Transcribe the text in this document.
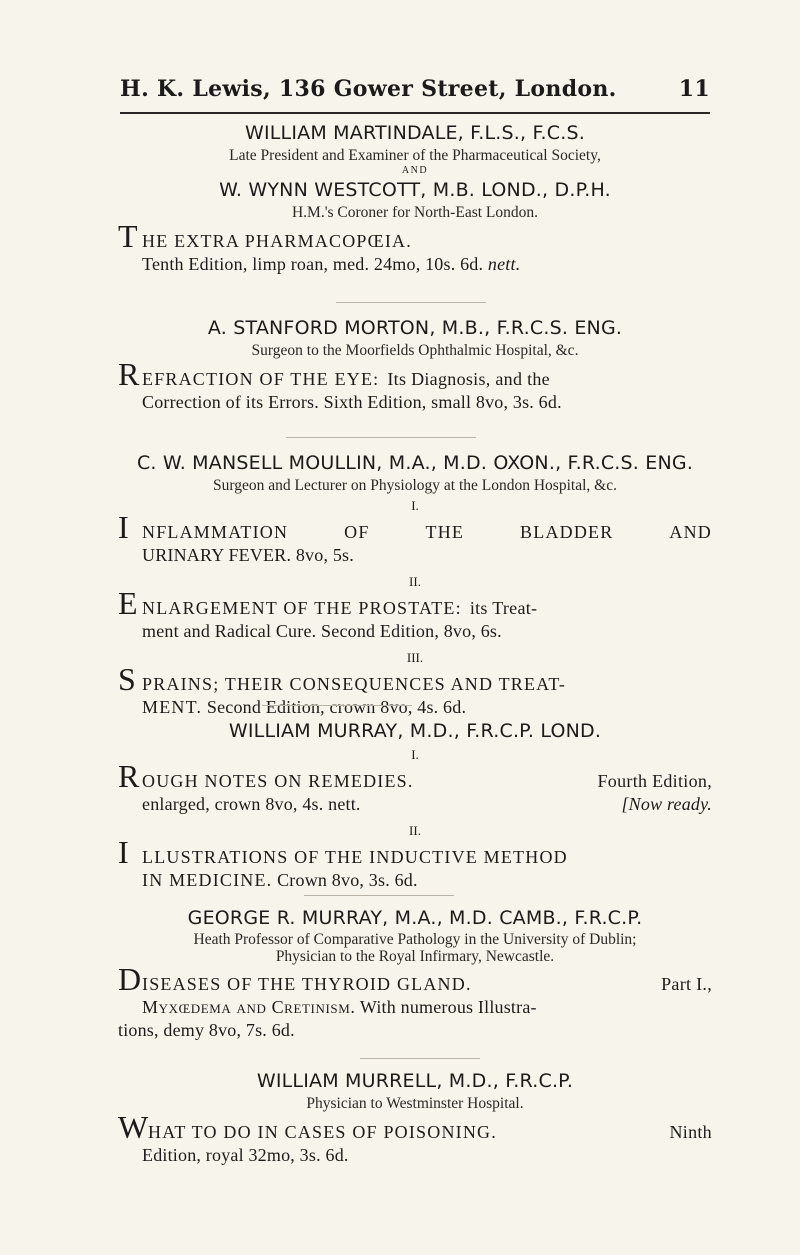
H. K. Lewis, 136 Gower Street, London.	11
WILLIAM MARTINDALE, F.L.S., F.C.S.
Late President and Examiner of the Pharmaceutical Society,
AND
W. WYNN WESTCOTT, M.B. LOND., D.P.H.
H.M.'s Coroner for North-East London.
T HE EXTRA PHARMACOPŒIA.
Tenth Edition, limp roan, med. 24mo, 10s. 6d. nett.
A. STANFORD MORTON, M.B., F.R.C.S. ENG.
Surgeon to the Moorfields Ophthalmic Hospital, &c.
R EFRACTION OF THE EYE: Its Diagnosis, and the
Correction of its Errors. Sixth Edition, small 8vo, 3s. 6d.
C. W. MANSELL MOULLIN, M.A., M.D. OXON., F.R.C.S. ENG.
Surgeon and Lecturer on Physiology at the London Hospital, &c.
I.
I NFLAMMATION	OF	THE	BLADDER	AND
URINARY FEVER. 8vo, 5s.
II.
E NLARGEMENT OF THE PROSTATE: its Treat-
ment and Radical Cure. Second Edition, 8vo, 6s.
III.
S PRAINS; THEIR CONSEQUENCES AND TREAT-
MENT. Second Edition, crown 8vo, 4s. 6d.
WILLIAM MURRAY, M.D., F.R.C.P. LOND.
I.
R OUGH NOTES ON REMEDIES.	Fourth Edition,
enlarged, crown 8vo, 4s. nett.	[Now ready.
II.
I LLUSTRATIONS OF THE INDUCTIVE METHOD
IN MEDICINE. Crown 8vo, 3s. 6d.
GEORGE R. MURRAY, M.A., M.D. CAMB., F.R.C.P.
Heath Professor of Comparative Pathology in the University of Dublin;
Physician to the Royal Infirmary, Newcastle.
D ISEASES OF THE THYROID GLAND.	Part I.,
Myxœdema and Cretinism. With numerous Illustra-
tions, demy 8vo, 7s. 6d.
WILLIAM MURRELL, M.D., F.R.C.P.
Physician to Westminster Hospital.
W HAT TO DO IN CASES OF POISONING.	Ninth
Edition, royal 32mo, 3s. 6d.
